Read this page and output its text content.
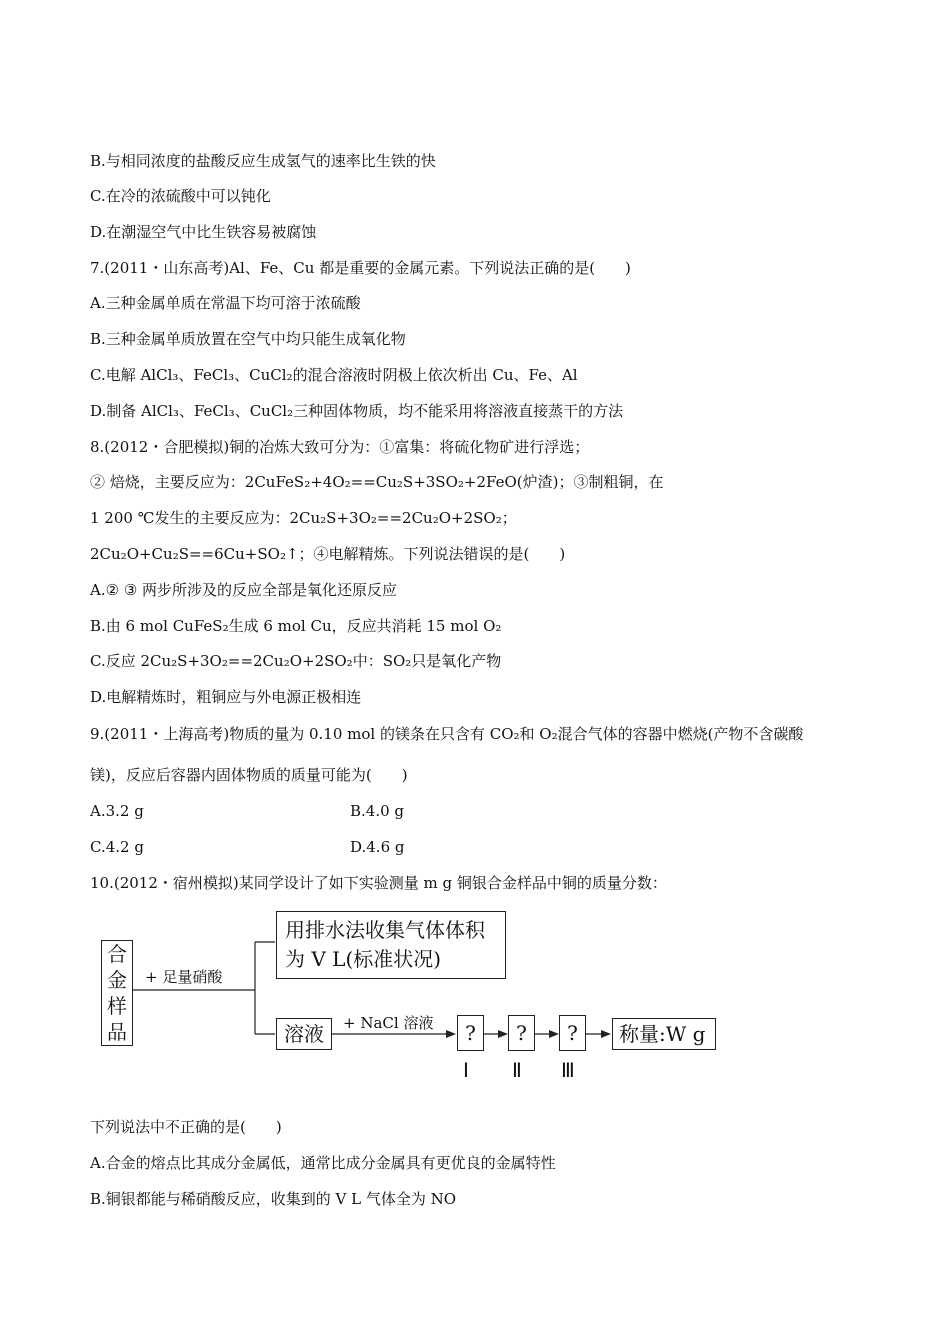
B.与相同浓度的盐酸反应生成氢气的速率比生铁的快
C.在冷的浓硫酸中可以钝化
D.在潮湿空气中比生铁容易被腐蚀
7.(2011・山东高考)Al、Fe、Cu 都是重要的金属元素。下列说法正确的是(　　)
A.三种金属单质在常温下均可溶于浓硫酸
B.三种金属单质放置在空气中均只能生成氧化物
C.电解 AlCl₃、FeCl₃、CuCl₂的混合溶液时阴极上依次析出 Cu、Fe、Al
D.制备 AlCl₃、FeCl₃、CuCl₂三种固体物质，均不能采用将溶液直接蒸干的方法
8.(2012・合肥模拟)铜的冶炼大致可分为：①富集：将硫化物矿进行浮选；
② 焙烧，主要反应为：2CuFeS₂+4O₂==Cu₂S+3SO₂+2FeO(炉渣)；③制粗铜，在
1 200 ℃发生的主要反应为：2Cu₂S+3O₂==2Cu₂O+2SO₂；
2Cu₂O+Cu₂S==6Cu+SO₂↑；④电解精炼。下列说法错误的是(　　)
A.② ③ 两步所涉及的反应全部是氧化还原反应
B.由 6 mol CuFeS₂生成 6 mol Cu，反应共消耗 15 mol O₂
C.反应 2Cu₂S+3O₂==2Cu₂O+2SO₂中：SO₂只是氧化产物
D.电解精炼时，粗铜应与外电源正极相连
9.(2011・上海高考)物质的量为 0.10 mol 的镁条在只含有 CO₂和 O₂混合气体的容器中燃烧(产物不含碳酸
镁)，反应后容器内固体物质的质量可能为(　　)
A.3.2 g	B.4.0 g
C.4.2 g	D.4.6 g
10.(2012・宿州模拟)某同学设计了如下实验测量 m g 铜银合金样品中铜的质量分数：
合
金
样
品
+ 足量硝酸
用排水法收集气体体积
为 V L(标准状况)
溶液	+ NaCl 溶液	?	?	?	称量:W g
Ⅰ Ⅱ Ⅲ
下列说法中不正确的是(　　)
A.合金的熔点比其成分金属低，通常比成分金属具有更优良的金属特性
B.铜银都能与稀硝酸反应，收集到的 V L 气体全为 NO
